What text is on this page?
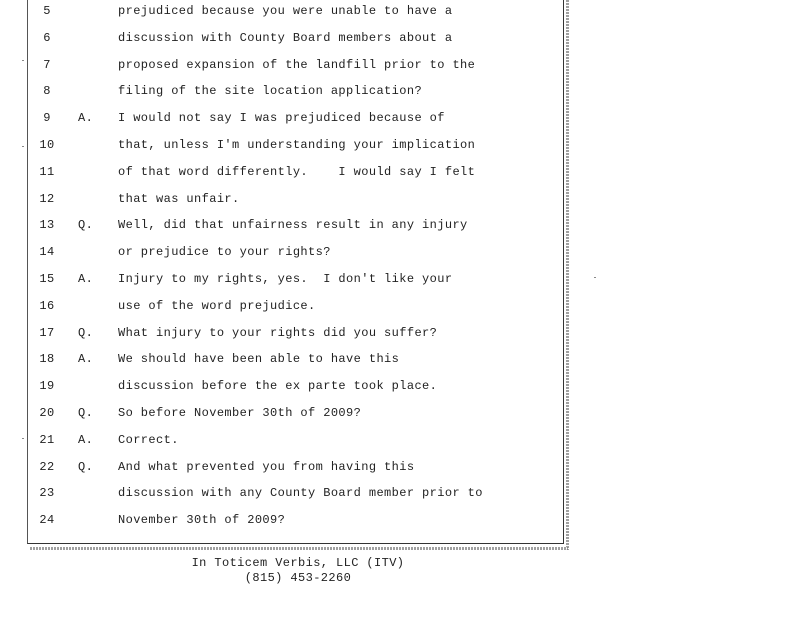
5	prejudiced because you were unable to have a
6	discussion with County Board members about a
7	proposed expansion of the landfill prior to the
8	filing of the site location application?
9	A. I would not say I was prejudiced because of
10	that, unless I'm understanding your implication
11	of that word differently.    I would say I felt
12	that was unfair.
13	Q. Well, did that unfairness result in any injury
14	or prejudice to your rights?
15	A. Injury to my rights, yes.  I don't like your
16	use of the word prejudice.
17	Q. What injury to your rights did you suffer?
18	A. We should have been able to have this
19	discussion before the ex parte took place.
20	Q. So before November 30th of 2009?
21	A. Correct.
22	Q. And what prevented you from having this
23	discussion with any County Board member prior to
24	November 30th of 2009?
In Toticem Verbis, LLC (ITV)
(815) 453-2260
